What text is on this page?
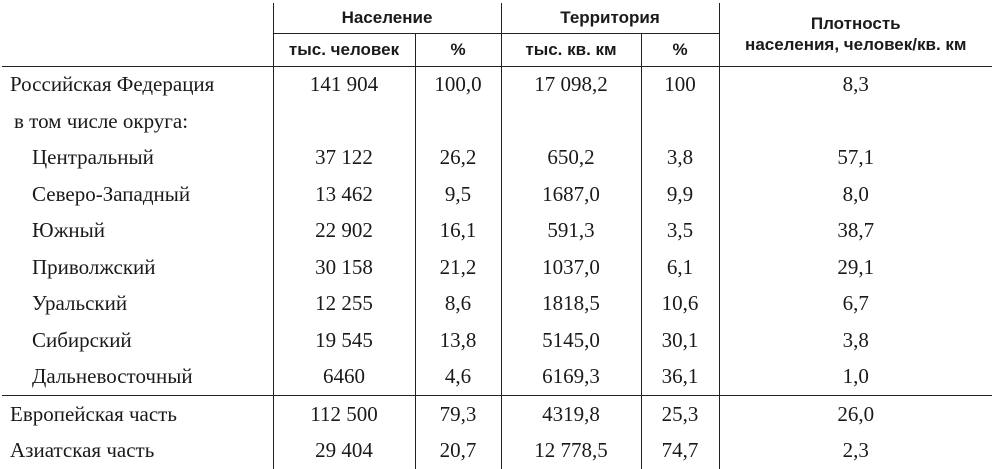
	Население		Территория		Плотность
населения, человек/кв. км

	тыс. человек	%	тыс. кв. км	%	
Российская Федерация	141 904	100,0	17 098,2	100	8,3
в том числе округа:					
Центральный	37 122	26,2	650,2	3,8	57,1
Северо-Западный	13 462	9,5	1687,0	9,9	8,0
Южный	22 902	16,1	591,3	3,5	38,7
Приволжский	30 158	21,2	1037,0	6,1	29,1
Уральский	12 255	8,6	1818,5	10,6	6,7
Сибирский	19 545	13,8	5145,0	30,1	3,8
Дальневосточный	6460	4,6	6169,3	36,1	1,0
Европейская часть	112 500	79,3	4319,8	25,3	26,0
Азиатская часть	29 404	20,7	12 778,5	74,7	2,3
